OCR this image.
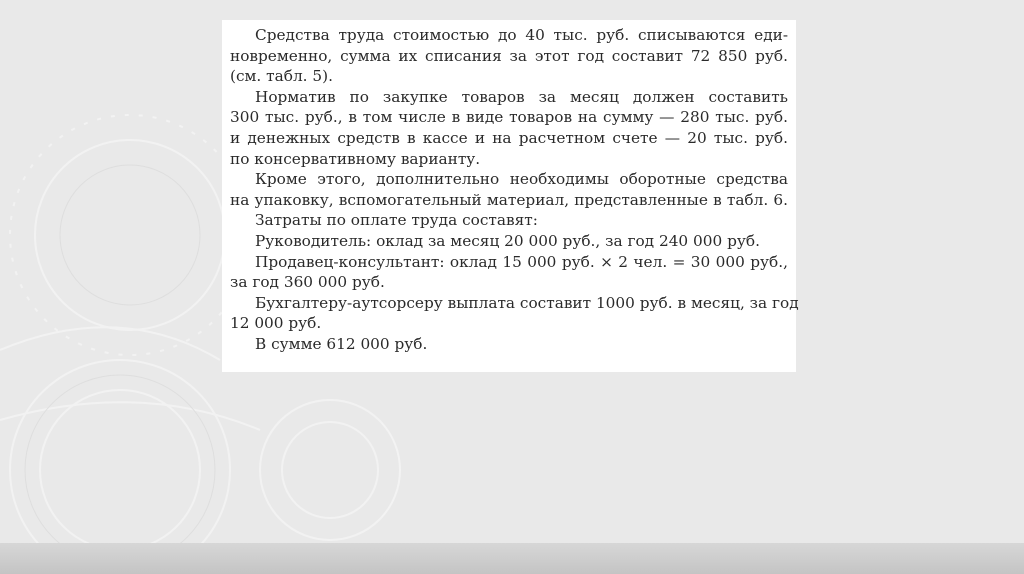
Средства труда стоимостью до 40 тыс. руб. списываются еди-
новременно, сумма их списания за этот год составит 72 850 руб.
(см. табл. 5).
Норматив по закупке товаров за месяц должен составить
300 тыс. руб., в том числе в виде товаров на сумму — 280 тыс. руб.
и денежных средств в кассе и на расчетном счете — 20 тыс. руб.
по консервативному варианту.
Кроме этого, дополнительно необходимы оборотные средства
на упаковку, вспомогательный материал, представленные в табл. 6.
Затраты по оплате труда составят:
Руководитель: оклад за месяц 20 000 руб., за год 240 000 руб.
Продавец-консультант: оклад 15 000 руб. × 2 чел. = 30 000 руб.,
за год 360 000 руб.
Бухгалтеру-аутсорсеру выплата составит 1000 руб. в месяц, за год
12 000 руб.
В сумме 612 000 руб.
